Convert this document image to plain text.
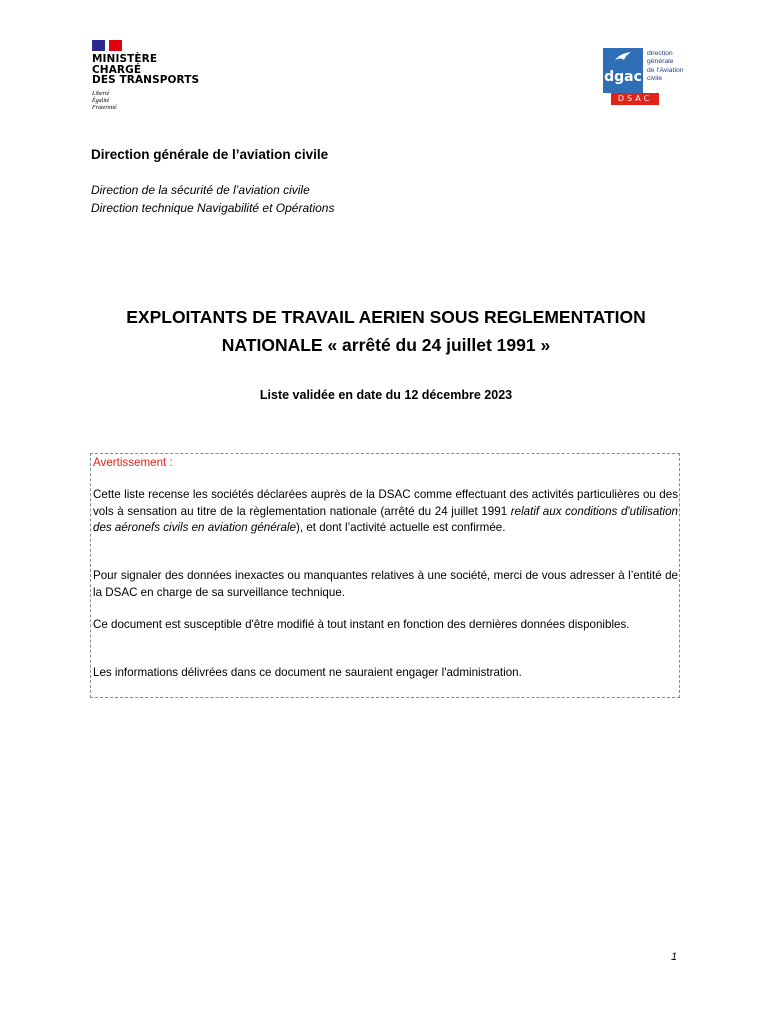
MINISTÈRE
CHARGÉ
DES TRANSPORTS
Liberté
Égalité
Fraternité
dgac
direction
générale
de l’Aviation
civile
DSAC
Direction générale de l’aviation civile
Direction de la sécurité de l’aviation civile
Direction technique Navigabilité et Opérations
EXPLOITANTS DE TRAVAIL AERIEN SOUS REGLEMENTATION
NATIONALE « arrêté du 24 juillet 1991 »
Liste validée en date du 12 décembre 2023
Avertissement :
Cette liste recense les sociétés déclarées auprès de la DSAC comme effectuant des activités particulières ou des vols à sensation au titre de la règlementation nationale (arrêté du 24 juillet 1991 relatif aux conditions d'utilisation des aéronefs civils en aviation générale), et dont l’activité actuelle est confirmée.
Pour signaler des données inexactes ou manquantes relatives à une société, merci de vous adresser à l’entité de la DSAC en charge de sa surveillance technique.
Ce document est susceptible d'être modifié à tout instant en fonction des dernières données disponibles.
Les informations délivrées dans ce document ne sauraient engager l'administration.
1
